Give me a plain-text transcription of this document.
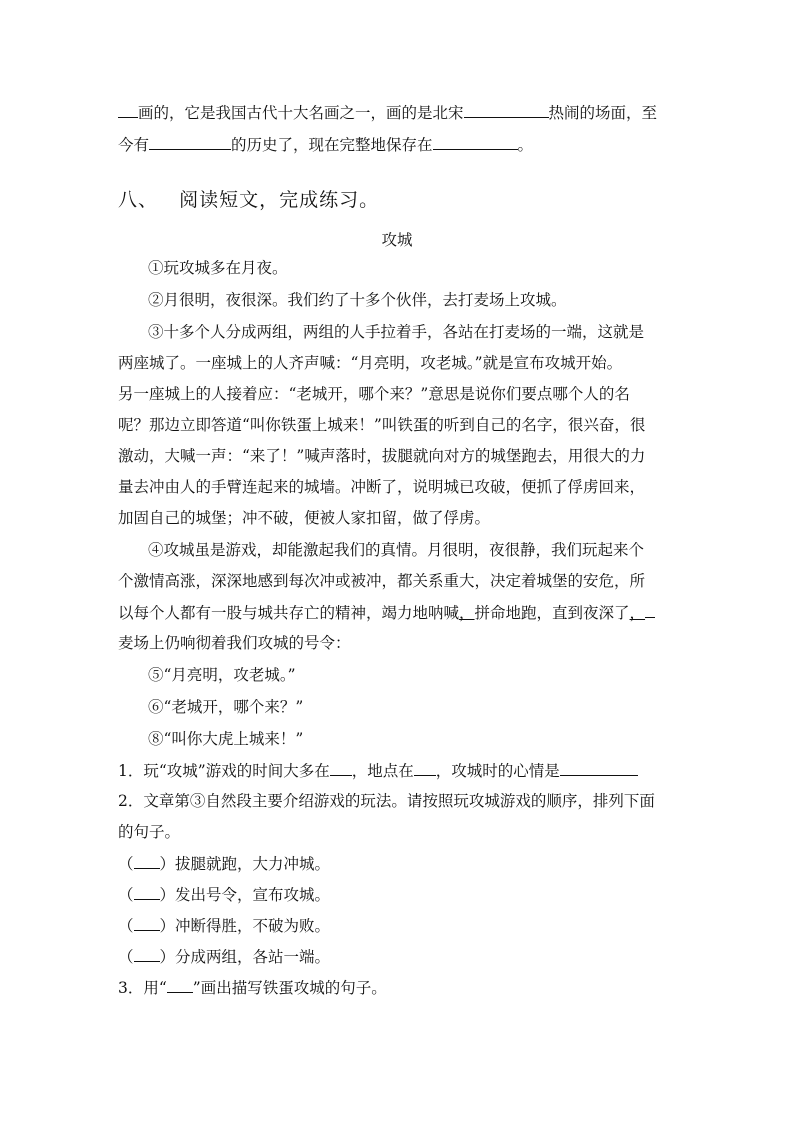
画的，它是我国古代十大名画之一，画的是北宋	热闹的场面，至
今有	的历史了，现在完整地保存在	。
八、 阅读短文，完成练习。
攻城
①玩攻城多在月夜。
②月很明，夜很深。我们约了十多个伙伴，去打麦场上攻城。
③十多个人分成两组，两组的人手拉着手，各站在打麦场的一端，这就是
两座城了。一座城上的人齐声喊：“月亮明，攻老城。”就是宣布攻城开始。
另一座城上的人接着应：“老城开，哪个来？”意思是说你们要点哪个人的名
呢？那边立即答道“叫你铁蛋上城来！”叫铁蛋的听到自己的名字，很兴奋，很
激动，大喊一声：“来了！”喊声落时，拔腿就向对方的城堡跑去，用很大的力
量去冲由人的手臂连起来的城墙。冲断了，说明城已攻破，便抓了俘虏回来，
加固自己的城堡；冲不破，便被人家扣留，做了俘虏。
④攻城虽是游戏，却能激起我们的真情。月很明，夜很静，我们玩起来个
个激情高涨，深深地感到每次冲或被冲，都关系重大，决定着城堡的安危，所
以每个人都有一股与城共存亡的精神，竭力地呐喊，拼命地跑，直到夜深了，
麦场上仍响彻着我们攻城的号令：
⑤“月亮明，攻老城。”
⑥“老城开，哪个来？”
⑧“叫你大虎上城来！”
1．玩“攻城”游戏的时间大多在 ，地点在 ，攻城时的心情是
2．文章第③自然段主要介绍游戏的玩法。请按照玩攻城游戏的顺序，排列下面
的句子。
（ ）拔腿就跑，大力冲城。
（ ）发出号令，宣布攻城。
（ ）冲断得胜，不破为败。
（ ）分成两组，各站一端。
3．用“ ”画出描写铁蛋攻城的句子。
